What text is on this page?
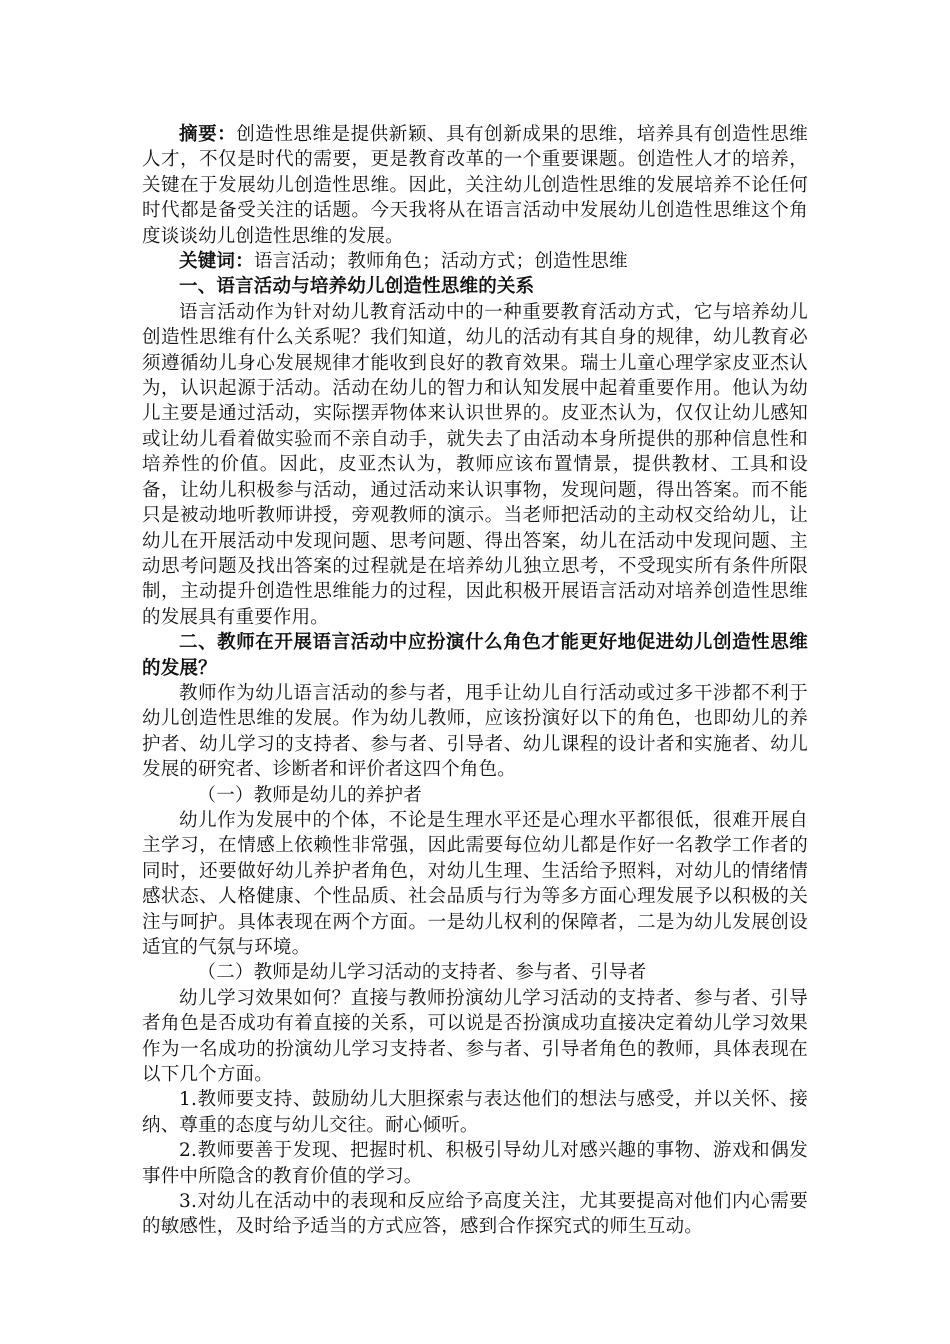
摘要：创造性思维是提供新颖、具有创新成果的思维，培养具有创造性思维人才，不仅是时代的需要，更是教育改革的一个重要课题。创造性人才的培养，关键在于发展幼儿创造性思维。因此，关注幼儿创造性思维的发展培养不论任何时代都是备受关注的话题。今天我将从在语言活动中发展幼儿创造性思维这个角度谈谈幼儿创造性思维的发展。

关键词：语言活动；教师角色；活动方式；创造性思维

一、语言活动与培养幼儿创造性思维的关系

语言活动作为针对幼儿教育活动中的一种重要教育活动方式，它与培养幼儿创造性思维有什么关系呢？我们知道，幼儿的活动有其自身的规律，幼儿教育必须遵循幼儿身心发展规律才能收到良好的教育效果。瑞士儿童心理学家皮亚杰认为，认识起源于活动。活动在幼儿的智力和认知发展中起着重要作用。他认为幼儿主要是通过活动，实际摆弄物体来认识世界的。皮亚杰认为，仅仅让幼儿感知或让幼儿看着做实验而不亲自动手，就失去了由活动本身所提供的那种信息性和培养性的价值。因此，皮亚杰认为，教师应该布置情景，提供教材、工具和设备，让幼儿积极参与活动，通过活动来认识事物，发现问题，得出答案。而不能只是被动地听教师讲授，旁观教师的演示。当老师把活动的主动权交给幼儿，让幼儿在开展活动中发现问题、思考问题、得出答案，幼儿在活动中发现问题、主动思考问题及找出答案的过程就是在培养幼儿独立思考，不受现实所有条件所限制，主动提升创造性思维能力的过程，因此积极开展语言活动对培养创造性思维的发展具有重要作用。

二、教师在开展语言活动中应扮演什么角色才能更好地促进幼儿创造性思维的发展？

教师作为幼儿语言活动的参与者，甩手让幼儿自行活动或过多干涉都不利于幼儿创造性思维的发展。作为幼儿教师，应该扮演好以下的角色，也即幼儿的养护者、幼儿学习的支持者、参与者、引导者、幼儿课程的设计者和实施者、幼儿发展的研究者、诊断者和评价者这四个角色。

（一）教师是幼儿的养护者

幼儿作为发展中的个体，不论是生理水平还是心理水平都很低，很难开展自主学习，在情感上依赖性非常强，因此需要每位幼儿都是作好一名教学工作者的同时，还要做好幼儿养护者角色，对幼儿生理、生活给予照料，对幼儿的情绪情感状态、人格健康、个性品质、社会品质与行为等多方面心理发展予以积极的关注与呵护。具体表现在两个方面。一是幼儿权利的保障者，二是为幼儿发展创设适宜的气氛与环境。

（二）教师是幼儿学习活动的支持者、参与者、引导者

幼儿学习效果如何？直接与教师扮演幼儿学习活动的支持者、参与者、引导者角色是否成功有着直接的关系，可以说是否扮演成功直接决定着幼儿学习效果作为一名成功的扮演幼儿学习支持者、参与者、引导者角色的教师，具体表现在以下几个方面。

1.教师要支持、鼓励幼儿大胆探索与表达他们的想法与感受，并以关怀、接纳、尊重的态度与幼儿交往。耐心倾听。

2.教师要善于发现、把握时机、积极引导幼儿对感兴趣的事物、游戏和偶发事件中所隐含的教育价值的学习。

3.对幼儿在活动中的表现和反应给予高度关注，尤其要提高对他们内心需要的敏感性，及时给予适当的方式应答，感到合作探究式的师生互动。
